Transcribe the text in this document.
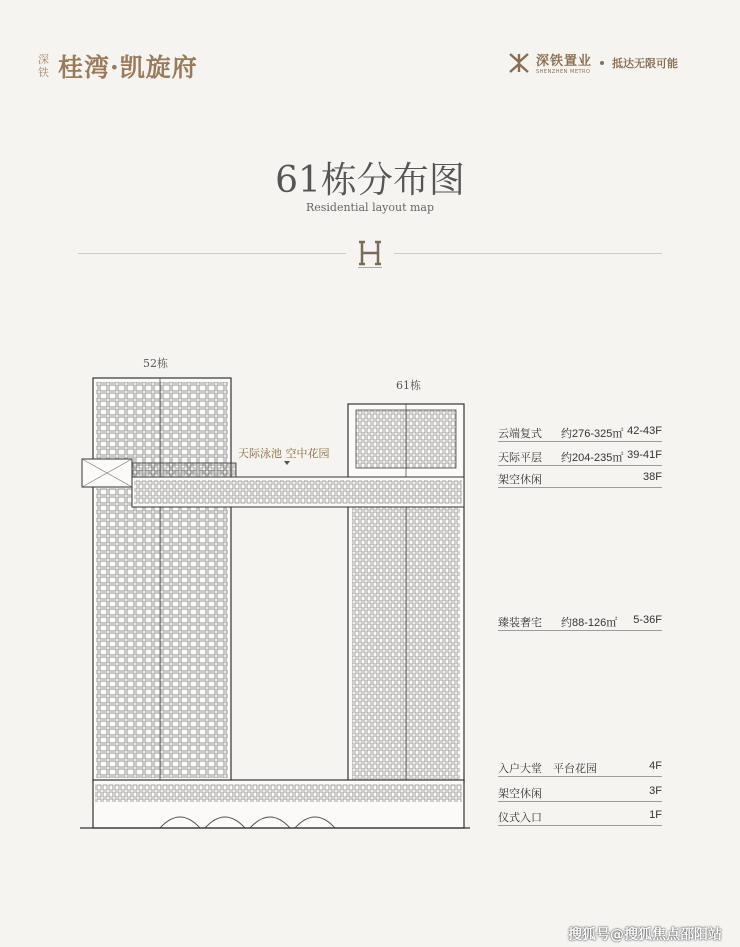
深铁 桂湾·凯旋府	深铁置业
SHENZHEN METRO
抵达无限可能
61栋分布图
Residential layout map
52栋
61栋
天际泳池 空中花园
云端复式 约276-325㎡ 42-43F
天际平层 约204-235㎡ 39-41F
架空休闲	38F
臻装奢宅 约88-126㎡ 5-36F
入户大堂　平台花园	4F
架空休闲	3F
仪式入口	1F
搜狐号@搜狐焦点邵阳站
